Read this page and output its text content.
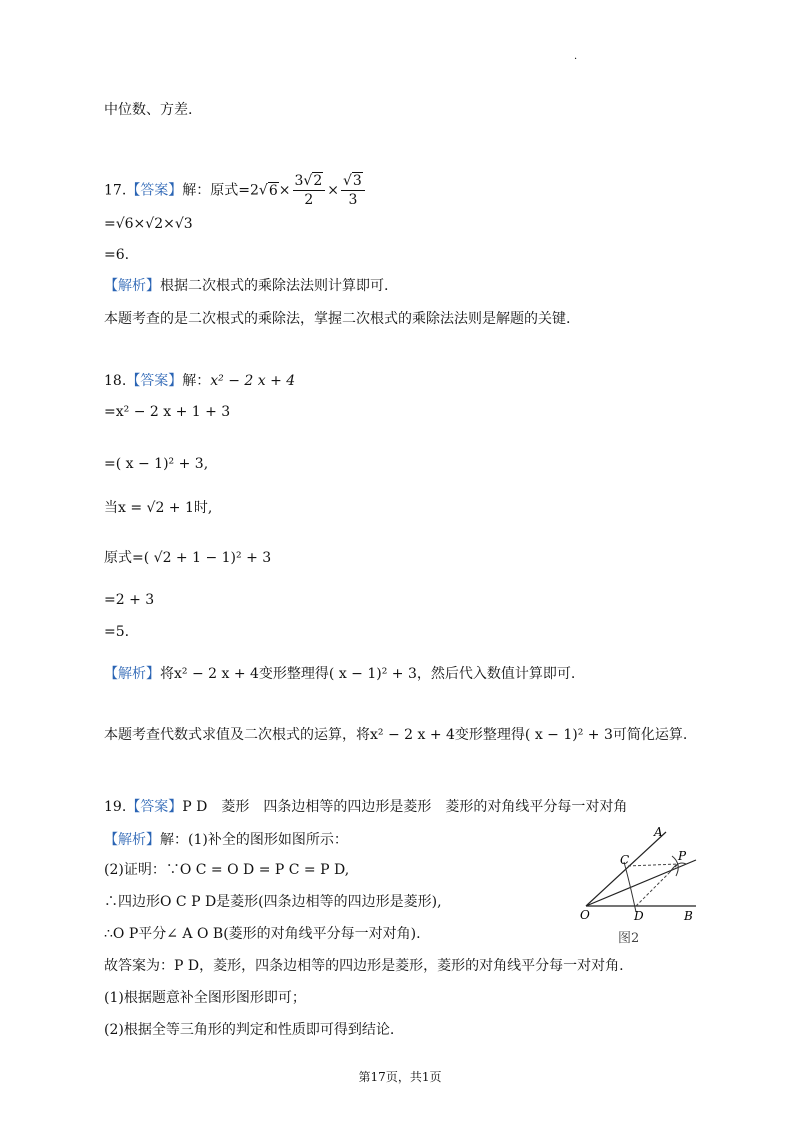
·
中位数、方差.
17.【答案】解：原式$=2√6\times \frac{3√2}{2} \times \frac{√3}{3}$
=√6×√2×√3
=6.
【解析】根据二次根式的乘除法法则计算即可.
本题考查的是二次根式的乘除法，掌握二次根式的乘除法法则是解题的关键.
18.【答案】解：x² − 2 x + 4
=x² − 2 x + 1 + 3
=( x − 1)² + 3,
当x = √2 + 1时,
原式=( √2 + 1 − 1)² + 3
=2 + 3
=5.
【解析】将x² − 2 x + 4变形整理得( x − 1)² + 3，然后代入数值计算即可.
本题考查代数式求值及二次根式的运算，将x² − 2 x + 4变形整理得( x − 1)² + 3可简化运算.
19.【答案】P D　菱形　四条边相等的四边形是菱形　菱形的对角线平分每一对对角
【解析】解：(1)补全的图形如图所示：
(2)证明：∵O C = O D = P C = P D,
∴四边形O C P D是菱形(四条边相等的四边形是菱形),
∴O P平分∠ A O B(菱形的对角线平分每一对对角).
故答案为：P D，菱形，四条边相等的四边形是菱形，菱形的对角线平分每一对对角.
(1)根据题意补全图形图形即可；
(2)根据全等三角形的判定和性质即可得到结论.
A
C	P
O	D	B
图2
第17页，共1页
